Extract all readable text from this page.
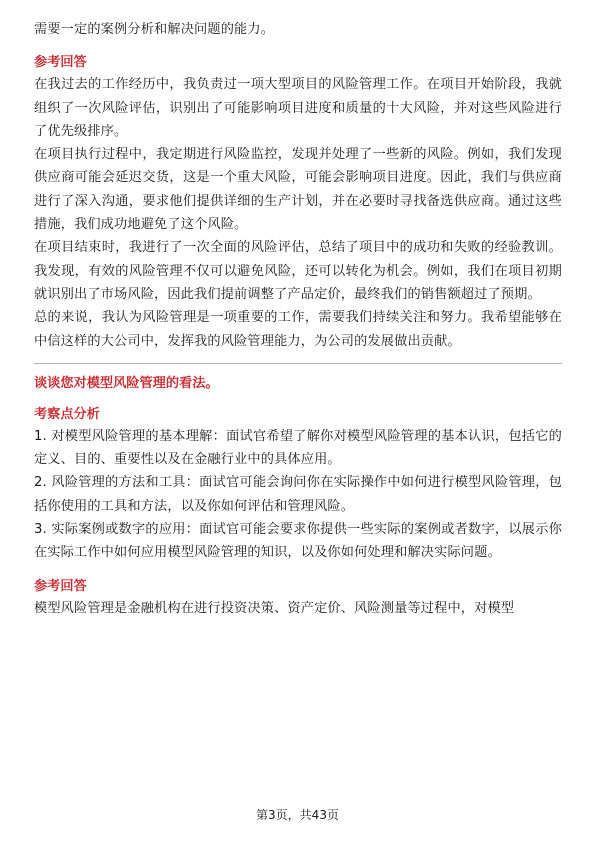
需要一定的案例分析和解决问题的能力。

参考回答

在我过去的工作经历中，我负责过一项大型项目的风险管理工作。在项目开始阶段，我就组织了一次风险评估，识别出了可能影响项目进度和质量的十大风险，并对这些风险进行了优先级排序。

在项目执行过程中，我定期进行风险监控，发现并处理了一些新的风险。例如，我们发现供应商可能会延迟交货，这是一个重大风险，可能会影响项目进度。因此，我们与供应商进行了深入沟通，要求他们提供详细的生产计划，并在必要时寻找备选供应商。通过这些措施，我们成功地避免了这个风险。

在项目结束时，我进行了一次全面的风险评估，总结了项目中的成功和失败的经验教训。我发现，有效的风险管理不仅可以避免风险，还可以转化为机会。例如，我们在项目初期就识别出了市场风险，因此我们提前调整了产品定价，最终我们的销售额超过了预期。

总的来说，我认为风险管理是一项重要的工作，需要我们持续关注和努力。我希望能够在中信这样的大公司中，发挥我的风险管理能力，为公司的发展做出贡献。

谈谈您对模型风险管理的看法。
考察点分析

1. 对模型风险管理的基本理解：面试官希望了解你对模型风险管理的基本认识，包括它的定义、目的、重要性以及在金融行业中的具体应用。

2. 风险管理的方法和工具：面试官可能会询问你在实际操作中如何进行模型风险管理，包括你使用的工具和方法，以及你如何评估和管理风险。

3. 实际案例或数字的应用：面试官可能会要求你提供一些实际的案例或者数字，以展示你在实际工作中如何应用模型风险管理的知识，以及你如何处理和解决实际问题。

参考回答

模型风险管理是金融机构在进行投资决策、资产定价、风险测量等过程中，对模型

第3页，共43页
